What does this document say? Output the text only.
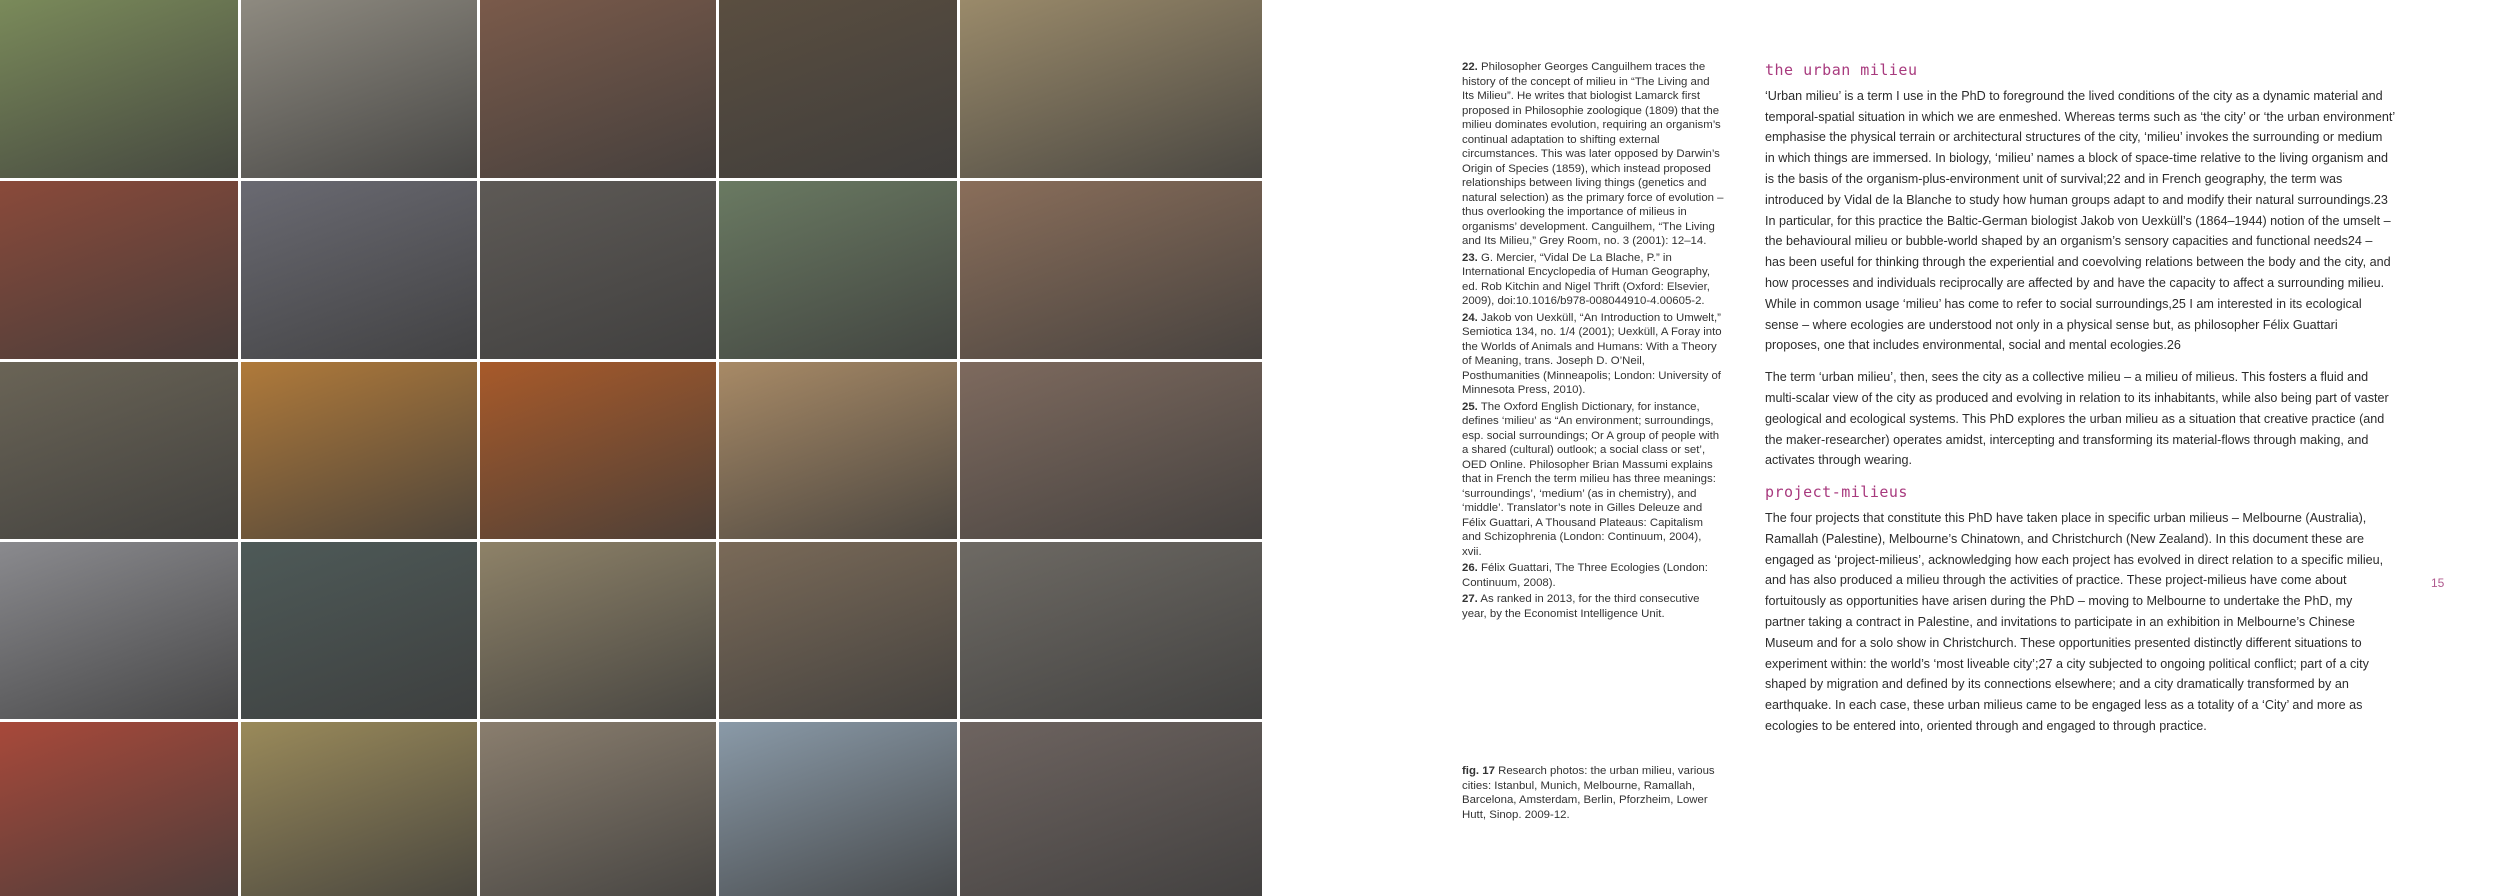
22. Philosopher Georges Canguilhem traces the history of the concept of milieu in “The Living and Its Milieu”. He writes that biologist Lamarck first proposed in Philosophie zoologique (1809) that the milieu dominates evolution, requiring an organism’s continual adaptation to shifting external circumstances. This was later opposed by Darwin’s Origin of Species (1859), which instead proposed relationships between living things (genetics and natural selection) as the primary force of evolution – thus overlooking the importance of milieus in organisms’ development. Canguilhem, “The Living and Its Milieu,” Grey Room, no. 3 (2001): 12–14.
23. G. Mercier, “Vidal De La Blache, P.” in International Encyclopedia of Human Geography, ed. Rob Kitchin and Nigel Thrift (Oxford: Elsevier, 2009), doi:10.1016/b978-008044910-4.00605-2.
24. Jakob von Uexküll, “An Introduction to Umwelt,” Semiotica 134, no. 1/4 (2001); Uexküll, A Foray into the Worlds of Animals and Humans: With a Theory of Meaning, trans. Joseph D. O’Neil, Posthumanities (Minneapolis; London: University of Minnesota Press, 2010).
25. The Oxford English Dictionary, for instance, defines ‘milieu’ as “An environment; surroundings, esp. social surroundings; Or A group of people with a shared (cultural) outlook; a social class or set’, OED Online. Philosopher Brian Massumi explains that in French the term milieu has three meanings: ‘surroundings’, ‘medium’ (as in chemistry), and ‘middle’. Translator’s note in Gilles Deleuze and Félix Guattari, A Thousand Plateaus: Capitalism and Schizophrenia (London: Continuum, 2004), xvii.
26. Félix Guattari, The Three Ecologies (London: Continuum, 2008).
27. As ranked in 2013, for the third consecutive year, by the Economist Intelligence Unit.
fig. 17 Research photos: the urban milieu, various cities: Istanbul, Munich, Melbourne, Ramallah, Barcelona, Amsterdam, Berlin, Pforzheim, Lower Hutt, Sinop. 2009-12.
the urban milieu

‘Urban milieu’ is a term I use in the PhD to foreground the lived conditions of the city as a dynamic material and temporal-spatial situation in which we are enmeshed. Whereas terms such as ‘the city’ or ‘the urban environment’ emphasise the physical terrain or architectural structures of the city, ‘milieu’ invokes the surrounding or medium in which things are immersed. In biology, ‘milieu’ names a block of space-time relative to the living organism and is the basis of the organism-plus-environment unit of survival;22 and in French geography, the term was introduced by Vidal de la Blanche to study how human groups adapt to and modify their natural surroundings.23 In particular, for this practice the Baltic-German biologist Jakob von Uexküll’s (1864–1944) notion of the umselt – the behavioural milieu or bubble-world shaped by an organism’s sensory capacities and functional needs24 – has been useful for thinking through the experiential and coevolving relations between the body and the city, and how processes and individuals reciprocally are affected by and have the capacity to affect a surrounding milieu. While in common usage ‘milieu’ has come to refer to social surroundings,25 I am interested in its ecological sense – where ecologies are understood not only in a physical sense but, as philosopher Félix Guattari proposes, one that includes environmental, social and mental ecologies.26

The term ‘urban milieu’, then, sees the city as a collective milieu – a milieu of milieus. This fosters a fluid and multi-scalar view of the city as produced and evolving in relation to its inhabitants, while also being part of vaster geological and ecological systems. This PhD explores the urban milieu as a situation that creative practice (and the maker-researcher) operates amidst, intercepting and transforming its material-flows through making, and activates through wearing.

project-milieus

The four projects that constitute this PhD have taken place in specific urban milieus – Melbourne (Australia), Ramallah (Palestine), Melbourne’s Chinatown, and Christchurch (New Zealand). In this document these are engaged as ‘project-milieus’, acknowledging how each project has evolved in direct relation to a specific milieu, and has also produced a milieu through the activities of practice. These project-milieus have come about fortuitously as opportunities have arisen during the PhD – moving to Melbourne to undertake the PhD, my partner taking a contract in Palestine, and invitations to participate in an exhibition in Melbourne’s Chinese Museum and for a solo show in Christchurch. These opportunities presented distinctly different situations to experiment within: the world’s ‘most liveable city’;27 a city subjected to ongoing political conflict; part of a city shaped by migration and defined by its connections elsewhere; and a city dramatically transformed by an earthquake. In each case, these urban milieus came to be engaged less as a totality of a ‘City’ and more as ecologies to be entered into, oriented through and engaged to through practice.

15
